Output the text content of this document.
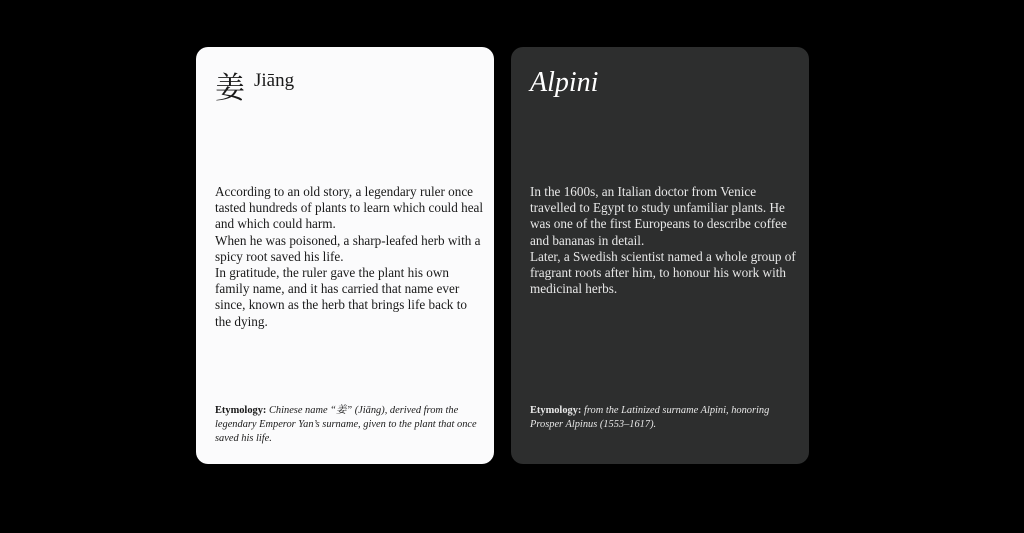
姜 Jiāng

According to an old story, a legendary ruler once tasted hundreds of plants to learn which could heal and which could harm.

When he was poisoned, a sharp-leafed herb with a spicy root saved his life.

In gratitude, the ruler gave the plant his own family name, and it has carried that name ever since, known as the herb that brings life back to the dying.

Etymology: Chinese name “姜” (Jiāng), derived from the legendary Emperor Yan’s surname, given to the plant that once saved his life.
Alpini

In the 1600s, an Italian doctor from Venice travelled to Egypt to study unfamiliar plants. He was one of the first Europeans to describe coffee and bananas in detail.

Later, a Swedish scientist named a whole group of fragrant roots after him, to honour his work with medicinal herbs.

Etymology: from the Latinized surname Alpini, honoring Prosper Alpinus (1553–1617).
